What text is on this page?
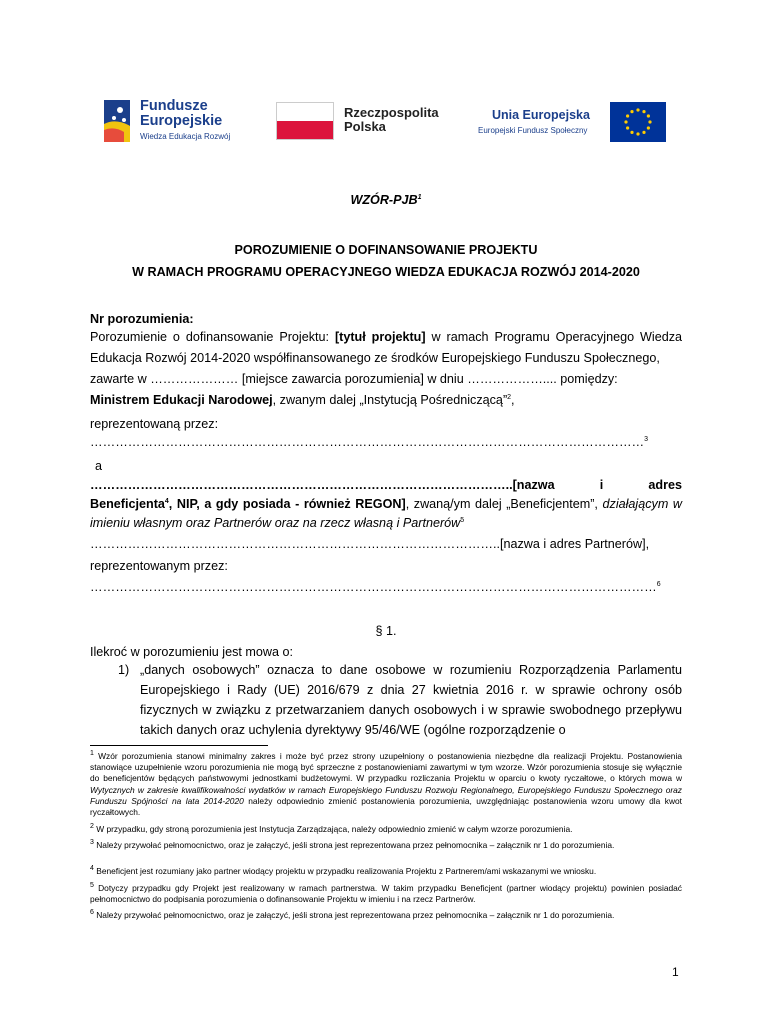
Fundusze
Europejskie
Wiedza Edukacja Rozwój
Rzeczpospolita
Polska
Unia Europejska
Europejski Fundusz Społeczny
WZÓR-PJB$^1$
POROZUMIENIE O DOFINANSOWANIE PROJEKTU
W RAMACH PROGRAMU OPERACYJNEGO WIEDZA EDUKACJA ROZWÓJ 2014-2020
Nr porozumienia:
Porozumienie o dofinansowanie Projektu: [tytuł projektu] w ramach Programu Operacyjnego Wiedza Edukacja Rozwój 2014-2020 współfinansowanego ze środków Europejskiego Funduszu Społecznego,
zawarte w ………………… [miejsce zawarcia porozumienia] w dniu ……………….... pomiędzy:
Ministrem Edukacji Narodowej, zwanym dalej „Instytucją Pośredniczącą”$^2$,
reprezentowaną przez:
……………………………………………………………………………………………………………………$^3$
a
………………………………………………………………………………………..[nazwa i adres Beneficjenta$^4$, NIP, a gdy posiada - również REGON], zwaną/ym dalej „Beneficjentem”, działającym w imieniu własnym oraz Partnerów oraz na rzecz własną i Partnerów$^5$
……………………………………………………………………………………..[nazwa i adres Partnerów],
reprezentowanym przez:
………………………………………………………………………………………………………………………$^6$
§ 1.
Ilekroć w porozumieniu jest mowa o:
1) „danych osobowych” oznacza to dane osobowe w rozumieniu Rozporządzenia Parlamentu Europejskiego i Rady (UE) 2016/679 z dnia 27 kwietnia 2016 r. w sprawie ochrony osób fizycznych w związku z przetwarzaniem danych osobowych i w sprawie swobodnego przepływu takich danych oraz uchylenia dyrektywy 95/46/WE (ogólne rozporządzenie o
$^1$ Wzór porozumienia stanowi minimalny zakres i może być przez strony uzupełniony o postanowienia niezbędne dla realizacji Projektu. Postanowienia stanowiące uzupełnienie wzoru porozumienia nie mogą być sprzeczne z postanowieniami zawartymi w tym wzorze. Wzór porozumienia stosuje się wyłącznie do beneficjentów będących państwowymi jednostkami budżetowymi. W przypadku rozliczania Projektu w oparciu o kwoty ryczałtowe, o których mowa w Wytycznych w zakresie kwalifikowalności wydatków w ramach Europejskiego Funduszu Rozwoju Regionalnego, Europejskiego Funduszu Społecznego oraz Funduszu Spójności na lata 2014-2020 należy odpowiednio zmienić postanowienia porozumienia, uwzględniając postanowienia wzoru umowy dla kwot ryczałtowych.
$^2$ W przypadku, gdy stroną porozumienia jest Instytucja Zarządzająca, należy odpowiednio zmienić w całym wzorze porozumienia.
$^3$ Należy przywołać pełnomocnictwo, oraz je załączyć, jeśli strona jest reprezentowana przez pełnomocnika – załącznik nr 1 do porozumienia.
$^4$ Beneficjent jest rozumiany jako partner wiodący projektu w przypadku realizowania Projektu z Partnerem/ami wskazanymi we wniosku.
$^5$ Dotyczy przypadku gdy Projekt jest realizowany w ramach partnerstwa. W takim przypadku Beneficjent (partner wiodący projektu) powinien posiadać pełnomocnictwo do podpisania porozumienia o dofinansowanie Projektu w imieniu i na rzecz Partnerów.
$^6$ Należy przywołać pełnomocnictwo, oraz je załączyć, jeśli strona jest reprezentowana przez pełnomocnika – załącznik nr 1 do porozumienia.
1
